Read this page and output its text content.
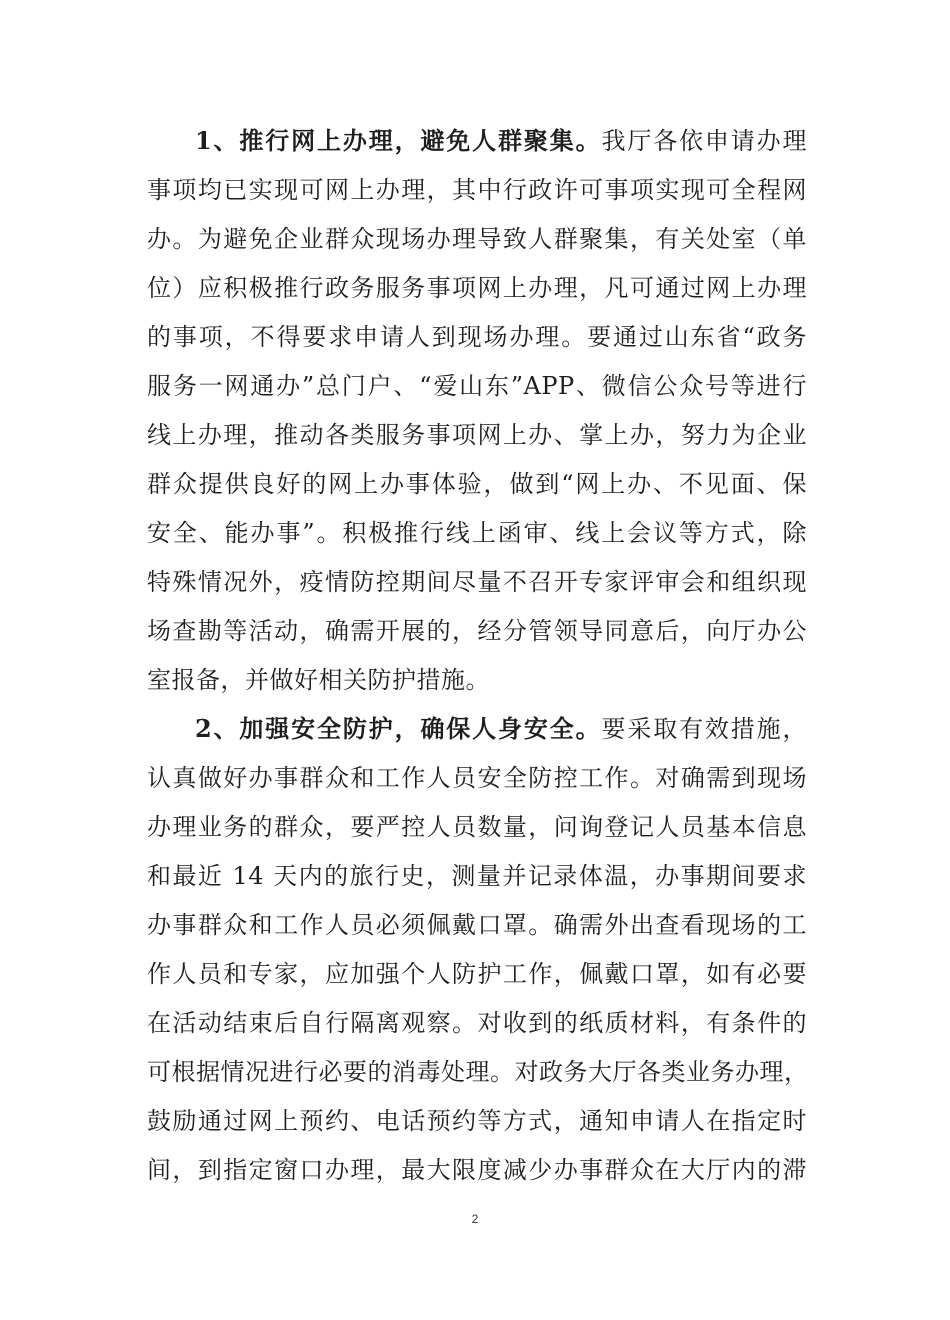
1、推行网上办理，避免人群聚集。我厅各依申请办理
事项均已实现可网上办理，其中行政许可事项实现可全程网
办。为避免企业群众现场办理导致人群聚集，有关处室（单
位）应积极推行政务服务事项网上办理，凡可通过网上办理
的事项，不得要求申请人到现场办理。要通过山东省“政务
服务一网通办”总门户、“爱山东”APP、微信公众号等进行
线上办理，推动各类服务事项网上办、掌上办，努力为企业
群众提供良好的网上办事体验，做到“网上办、不见面、保
安全、能办事”。积极推行线上函审、线上会议等方式，除
特殊情况外，疫情防控期间尽量不召开专家评审会和组织现
场查勘等活动，确需开展的，经分管领导同意后，向厅办公
室报备，并做好相关防护措施。
2、加强安全防护，确保人身安全。要采取有效措施，
认真做好办事群众和工作人员安全防控工作。对确需到现场
办理业务的群众，要严控人员数量，问询登记人员基本信息
和最近 14 天内的旅行史，测量并记录体温，办事期间要求
办事群众和工作人员必须佩戴口罩。确需外出查看现场的工
作人员和专家，应加强个人防护工作，佩戴口罩，如有必要
在活动结束后自行隔离观察。对收到的纸质材料，有条件的
可根据情况进行必要的消毒处理。对政务大厅各类业务办理，
鼓励通过网上预约、电话预约等方式，通知申请人在指定时
间，到指定窗口办理，最大限度减少办事群众在大厅内的滞
2
